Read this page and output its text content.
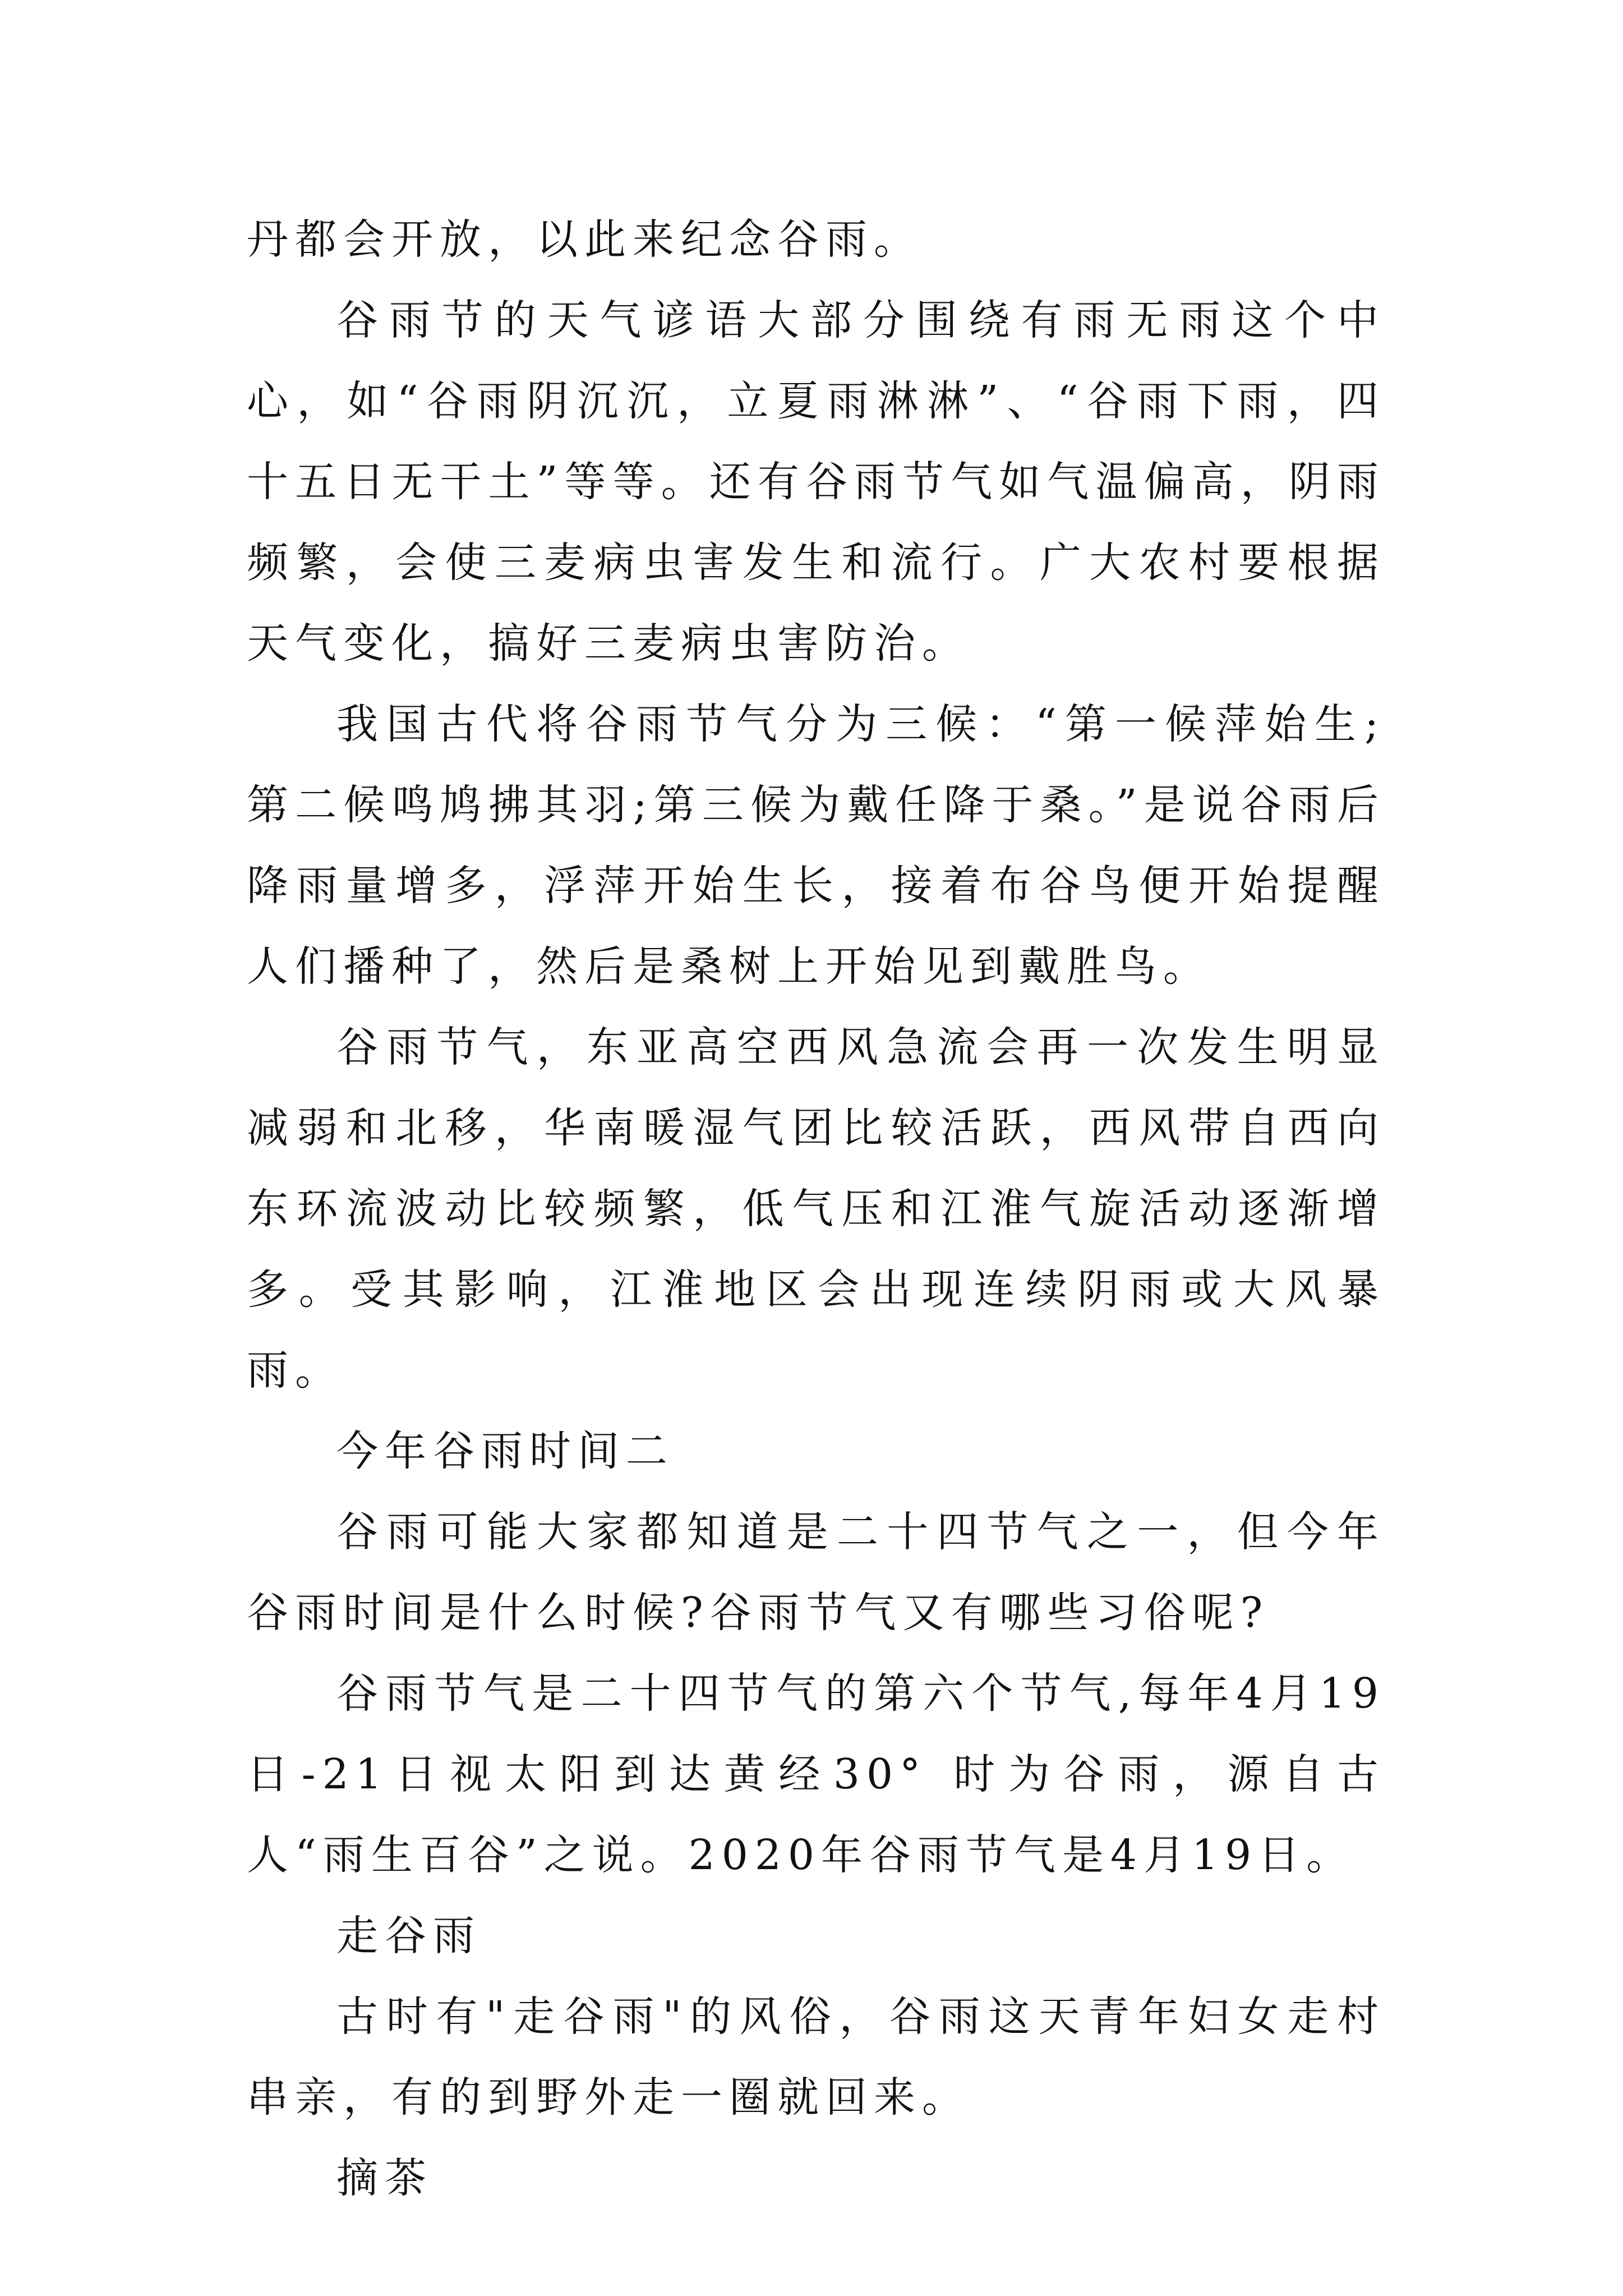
丹都会开放，以此来纪念谷雨。

谷雨节的天气谚语大部分围绕有雨无雨这个中心，如“谷雨阴沉沉，立夏雨淋淋”、“谷雨下雨，四十五日无干土”等等。还有谷雨节气如气温偏高，阴雨频繁，会使三麦病虫害发生和流行。广大农村要根据天气变化，搞好三麦病虫害防治。

我国古代将谷雨节气分为三候：“第一候萍始生;第二候鸣鸠拂其羽;第三候为戴任降于桑。”是说谷雨后降雨量增多，浮萍开始生长，接着布谷鸟便开始提醒人们播种了，然后是桑树上开始见到戴胜鸟。

谷雨节气，东亚高空西风急流会再一次发生明显减弱和北移，华南暖湿气团比较活跃，西风带自西向东环流波动比较频繁，低气压和江淮气旋活动逐渐增多。受其影响，江淮地区会出现连续阴雨或大风暴雨。

今年谷雨时间二

谷雨可能大家都知道是二十四节气之一，但今年谷雨时间是什么时候?谷雨节气又有哪些习俗呢?

谷雨节气是二十四节气的第六个节气,每年4月19日-21日视太阳到达黄经30° 时为谷雨，源自古人“雨生百谷”之说。2020年谷雨节气是4月19日。

走谷雨

古时有"走谷雨"的风俗，谷雨这天青年妇女走村串亲，有的到野外走一圈就回来。

摘茶
